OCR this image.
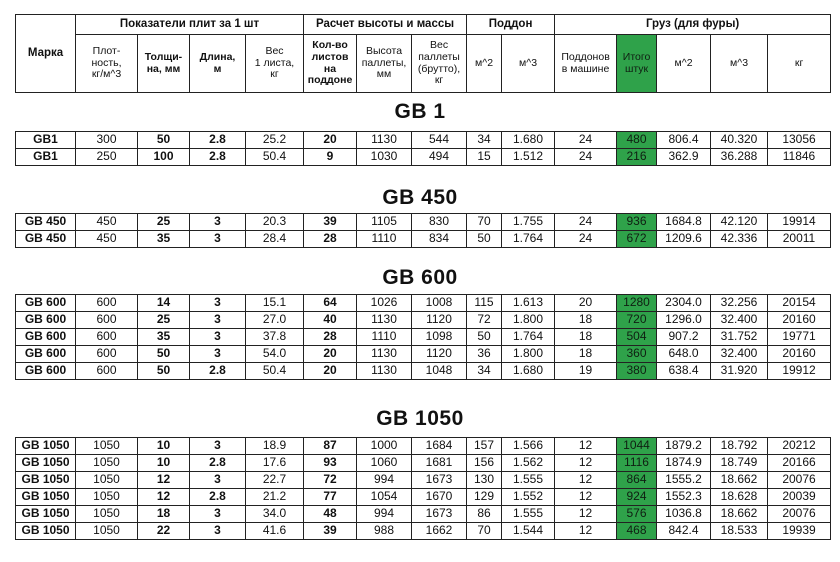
Марка	Показатели плит за 1 шт				Расчет высоты и массы			Поддон		Груз (для фуры)				
	Плот-
ность,
кг/м^3	Толщи-
на, мм	Длина,
м	Вес
1 листа,
кг	Кол-во
листов
на
поддоне	Высота
паллеты,
мм	Вес
паллеты
(брутто),
кг	м^2	м^3	Поддонов
в машине	Итого
штук	м^2	м^3	кг
GB 1
GB1	300	50	2.8	25.2	20	1130	544	34	1.680	24	480	806.4	40.320	13056
GB1	250	100	2.8	50.4	9	1030	494	15	1.512	24	216	362.9	36.288	11846
GB 450
GB 450	450	25	3	20.3	39	1105	830	70	1.755	24	936	1684.8	42.120	19914
GB 450	450	35	3	28.4	28	1110	834	50	1.764	24	672	1209.6	42.336	20011
GB 600
GB 600	600	14	3	15.1	64	1026	1008	115	1.613	20	1280	2304.0	32.256	20154
GB 600	600	25	3	27.0	40	1130	1120	72	1.800	18	720	1296.0	32.400	20160
GB 600	600	35	3	37.8	28	1110	1098	50	1.764	18	504	907.2	31.752	19771
GB 600	600	50	3	54.0	20	1130	1120	36	1.800	18	360	648.0	32.400	20160
GB 600	600	50	2.8	50.4	20	1130	1048	34	1.680	19	380	638.4	31.920	19912
GB 1050
GB 1050	1050	10	3	18.9	87	1000	1684	157	1.566	12	1044	1879.2	18.792	20212
GB 1050	1050	10	2.8	17.6	93	1060	1681	156	1.562	12	1116	1874.9	18.749	20166
GB 1050	1050	12	3	22.7	72	994	1673	130	1.555	12	864	1555.2	18.662	20076
GB 1050	1050	12	2.8	21.2	77	1054	1670	129	1.552	12	924	1552.3	18.628	20039
GB 1050	1050	18	3	34.0	48	994	1673	86	1.555	12	576	1036.8	18.662	20076
GB 1050	1050	22	3	41.6	39	988	1662	70	1.544	12	468	842.4	18.533	19939
